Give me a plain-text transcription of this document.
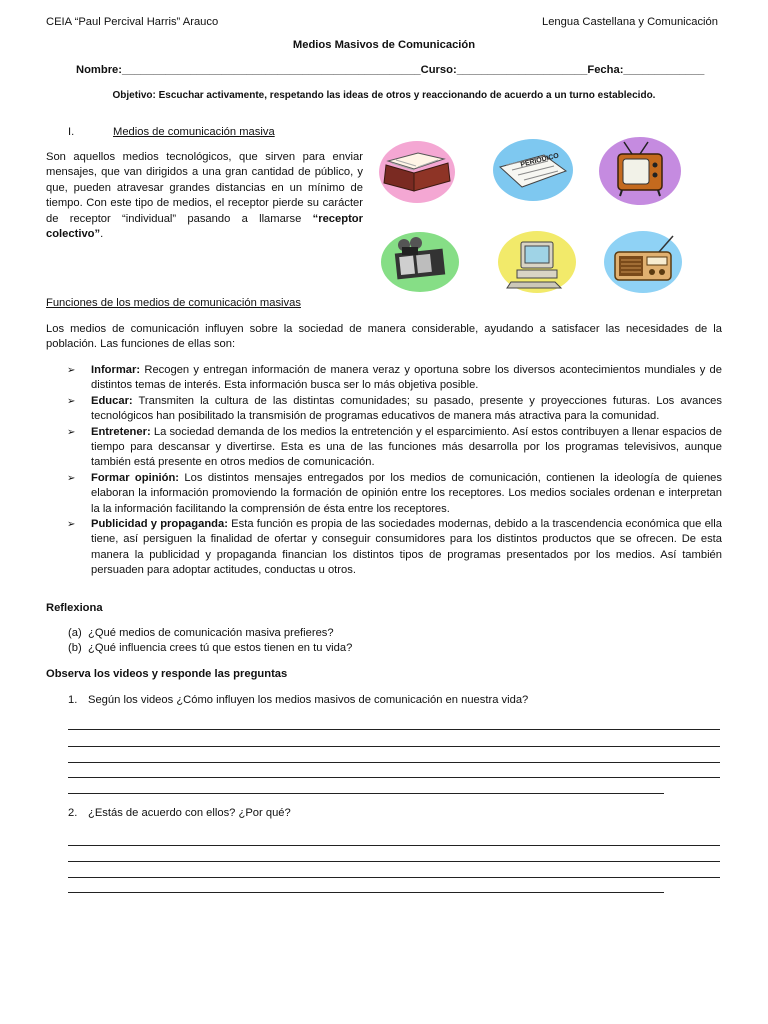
CEIA “Paul Percival Harris” Arauco	Lengua Castellana y Comunicación
Medios Masivos de Comunicación
Nombre:________________________________________________Curso:_____________________Fecha:_____________
Objetivo: Escuchar activamente, respetando las ideas de otros y reaccionando de acuerdo a un turno establecido.
I.	Medios de comunicación masiva
Son aquellos medios tecnológicos, que sirven para enviar mensajes, que van dirigidos a una gran cantidad de público, y que, pueden atravesar grandes distancias en un mínimo de tiempo. Con este tipo de medios, el receptor pierde su carácter de receptor “individual” pasando a llamarse “receptor colectivo”.
PERIÓDICO
Funciones de los medios de comunicación masivas
Los medios de comunicación influyen sobre la sociedad de manera considerable, ayudando a satisfacer las necesidades de la población. Las funciones de ellas son:
➢ Informar: Recogen y entregan información de manera veraz y oportuna sobre los diversos acontecimientos mundiales y de distintos temas de interés. Esta información busca ser lo más objetiva posible.
➢ Educar: Transmiten la cultura de las distintas comunidades; su pasado, presente y proyecciones futuras. Los avances tecnológicos han posibilitado la transmisión de programas educativos de manera más atractiva para la comunidad.
➢ Entretener: La sociedad demanda de los medios la entretención y el esparcimiento. Así estos contribuyen a llenar espacios de tiempo para descansar y divertirse. Esta es una de las funciones más desarrolla por los programas televisivos, aunque también está presente en otros medios de comunicación.
➢ Formar opinión: Los distintos mensajes entregados por los medios de comunicación, contienen la ideología de quienes elaboran la información promoviendo la formación de opinión entre los receptores. Los medios sociales ordenan e interpretan la la información facilitando la comprensión de ésta entre los receptores.
➢ Publicidad y propaganda: Esta función es propia de las sociedades modernas, debido a la trascendencia económica que ella tiene, así persiguen la finalidad de ofertar y conseguir consumidores para los distintos productos que se ofrecen. De esta manera la publicidad y propaganda financian los distintos tipos de programas presentados por los medios. Así también persuaden para adoptar actitudes, conductas u otros.
Reflexiona
(a) ¿Qué medios de comunicación masiva prefieres?
(b) ¿Qué influencia crees tú que estos tienen en tu vida?
Observa los videos y responde las preguntas
1. Según los videos ¿Cómo influyen los medios masivos de comunicación en nuestra vida?
2. ¿Estás de acuerdo con ellos? ¿Por qué?
